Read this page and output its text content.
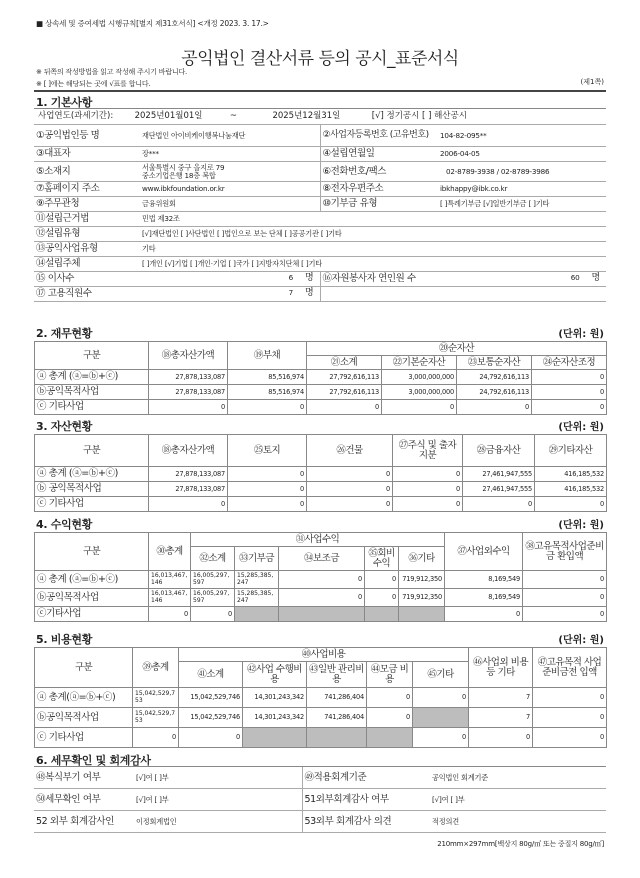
■ 상속세 및 증여세법 시행규칙[별지 제31호서식] <개정 2023. 3. 17.>
공익법인 결산서류 등의 공시_표준서식
※ 뒤쪽의 작성방법을 읽고 작성해 주시기 바랍니다.
※ [ ]에는 해당되는 곳에 √표를 합니다.	(제1쪽)
1. 기본사항
사업연도(과세기간): 2025년01월01일 ~ 2025년12월31일 [√] 정기공시 [ ] 해산공시			
①공익법인등 명	재단법인 아이비케이행복나눔재단	②사업자등록번호 (고유번호)	104-82-095**
③대표자	장***	④설립연월일	2006-04-05
⑤소재지	서울특별시 중구 을지로 79
중소기업은행 18층 복합	⑥전화번호/팩스	02-8789-3938 / 02-8789-3986
⑦홈페이지 주소	www.ibkfoundation.or.kr	⑧전자우편주소	ibkhappy@ibk.co.kr
⑨주무관청	금융위원회	⑩기부금 유형	[ ]특례기부금 [√]일반기부금 [ ]기타
⑪설립근거법	민법 제32조		
⑫설립유형	[√]재단법인 [ ]사단법인 [ ]법인으로 보는 단체 [ ]공공기관 [ ]기타		
⑬공익사업유형	기타		
⑭설립주체	[ ]개인 [√]기업 [ ]개인·기업 [ ]국가 [ ]지방자치단체 [ ]기타		
⑮ 이사수	6 명	⑯자원봉사자 연인원 수	60 명
⑰ 고용직원수	7 명		
2. 재무현황	(단위: 원)
구분	⑱총자산가액	⑲부채	⑳순자산			
			㉑소계	㉒기본순자산	㉓보통순자산	㉔순자산조정
ⓐ 총계 (ⓐ=ⓑ+ⓒ)	27,878,133,087	85,516,974	27,792,616,113	3,000,000,000	24,792,616,113	0
ⓑ공익목적사업	27,878,133,087	85,516,974	27,792,616,113	3,000,000,000	24,792,616,113	0
ⓒ 기타사업	0	0	0	0	0	0
3. 자산현황	(단위: 원)
구분	⑱총자산가액	㉕토지	㉖건물	㉗주식 및 출자지분	㉘금융자산	㉙기타자산
ⓐ 총계 (ⓐ=ⓑ+ⓒ)	27,878,133,087	0	0	0	27,461,947,555	416,185,532
ⓑ 공익목적사업	27,878,133,087	0	0	0	27,461,947,555	416,185,532
ⓒ 기타사업	0	0	0	0	0	0
4. 수익현황	(단위: 원)
구분	㉚총계	㉛사업수익					㊲사업외수익	㊳고유목적사업준비금 환입액
		㉜소계	㉝기부금	㉞보조금	㉟회비 수익	㊱기타		
ⓐ 총계 (ⓐ=ⓑ+ⓒ)	16,013,467,146	16,005,297,597	15,285,385,247	0	0	719,912,350	8,169,549	0
ⓑ공익목적사업	16,013,467,146	16,005,297,597	15,285,385,247	0	0	719,912,350	8,169,549	0
ⓒ기타사업	0	0					0	0
5. 비용현황	(단위: 원)
구분	㊴총계	㊵사업비용					㊻사업외 비용 등 기타	㊼고유목적 사업준비금전 입액
		㊶소계	㊷사업 수행비용	㊸일반 관리비용	㊹모금 비용	㊺기타		
ⓐ 총계(ⓐ=ⓑ+ⓒ)	15,042,529,753	15,042,529,746	14,301,243,342	741,286,404	0	0	7	0
ⓑ공익목적사업	15,042,529,753	15,042,529,746	14,301,243,342	741,286,404	0		7	0
ⓒ 기타사업	0	0				0	0	0
6. 세무확인 및 회계감사
㊽복식부기 여부	[√]여 [ ]부	㊾적용회계기준	공익법인 회계기준
㊿세무확인 여부	[√]여 [ ]부	51외부회계감사 여부	[√]여 [ ]부
52 외부 회계감사인	이정회계법인	53외부 회계감사 의견	적정의견
210mm×297mm[백상지 80g/㎡ 또는 중질지 80g/㎡]
